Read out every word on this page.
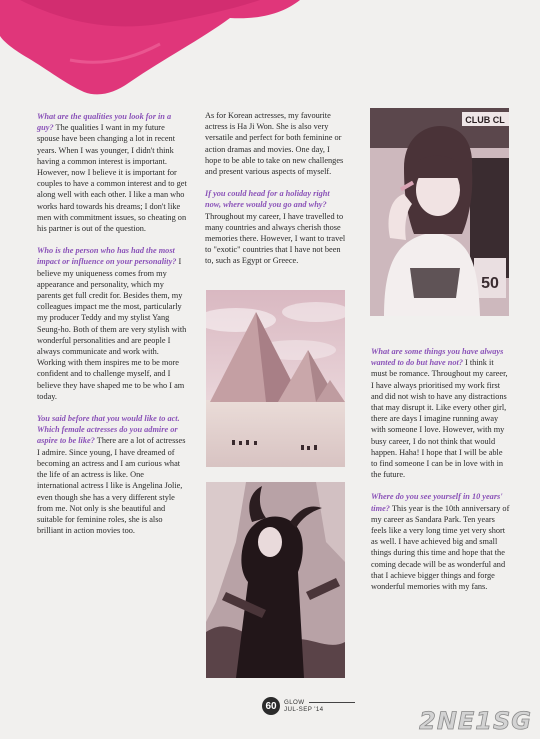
What are the qualities you look for in a guy? The qualities I want in my future spouse have been changing a lot in recent years. When I was younger, I didn't think having a common interest is important. However, now I believe it is important for couples to have a common interest and to get along well with each other. I like a man who works hard towards his dreams; I don't like men with commitment issues, so cheating on his partner is out of the question.

Who is the person who has had the most impact or influence on your personality? I believe my uniqueness comes from my appearance and personality, which my parents get full credit for. Besides them, my colleagues impact me the most, particularly my producer Teddy and my stylist Yang Seung-ho. Both of them are very stylish with wonderful personalities and are people I always communicate and work with. Working with them inspires me to be more confident and to challenge myself, and I believe they have shaped me to be who I am today.

You said before that you would like to act. Which female actresses do you admire or aspire to be like? There are a lot of actresses I admire. Since young, I have dreamed of becoming an actress and I am curious what the life of an actress is like. One international actress I like is Angelina Jolie, even though she has a very different style from me. Not only is she beautiful and suitable for feminine roles, she is also brilliant in action movies too.

As for Korean actresses, my favourite actress is Ha Ji Won. She is also very versatile and perfect for both feminine or action dramas and movies. One day, I hope to be able to take on new challenges and present various aspects of myself.

If you could head for a holiday right now, where would you go and why? Throughout my career, I have travelled to many countries and always cherish those memories there. However, I want to travel to "exotic" countries that I have not been to, such as Egypt or Greece.

CLUB CL
50

What are some things you have always wanted to do but have not? I think it must be romance. Throughout my career, I have always prioritised my work first and did not wish to have any distractions that may disrupt it. Like every other girl, there are days I imagine running away with someone I love. However, with my busy career, I do not think that would happen. Haha! I hope that I will be able to find someone I can be in love with in the future.

Where do you see yourself in 10 years' time? This year is the 10th anniversary of my career as Sandara Park. Ten years feels like a very long time yet very short as well. I have achieved big and small things during this time and hope that the coming decade will be as wonderful and that I achieve bigger things and forge wonderful memories with my fans.

60	GLOW
JUL-SEP '14	2NE1SG
